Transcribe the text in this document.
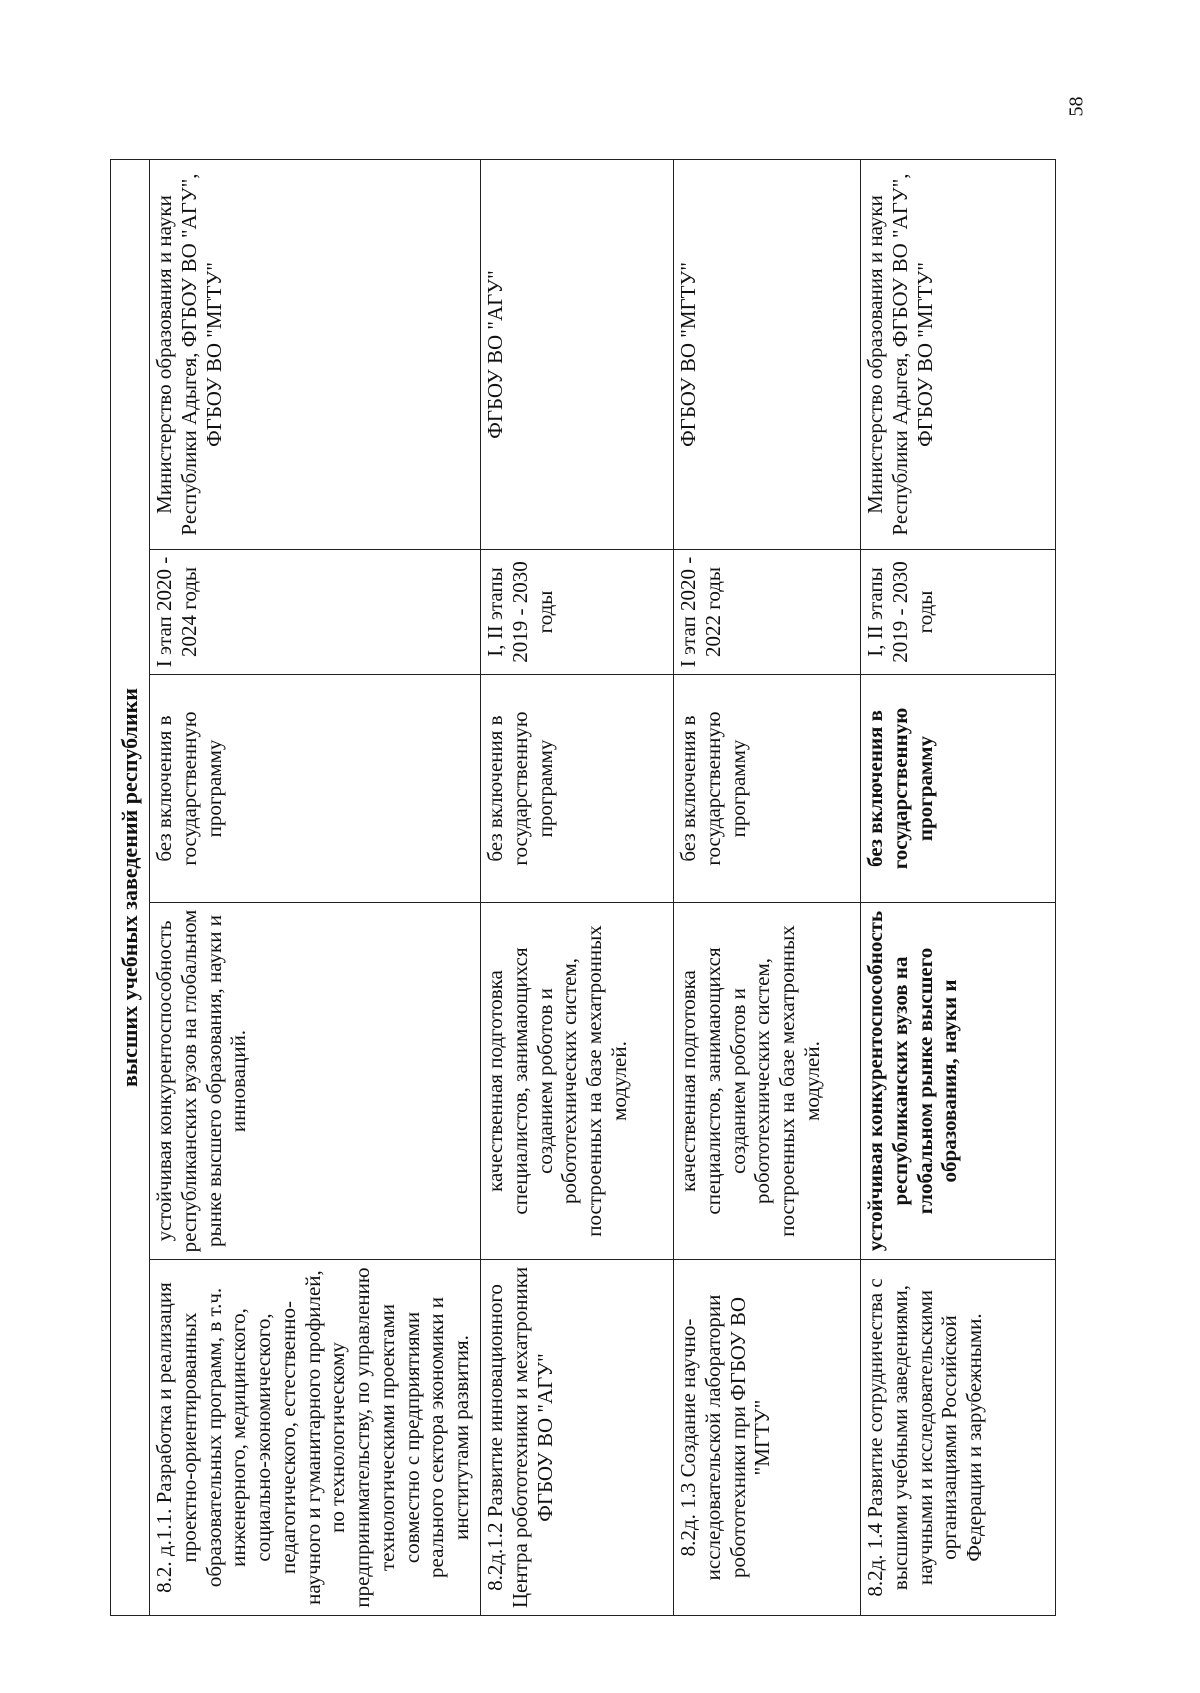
58
высших учебных заведений республики				
8.2. д.1.1. Разработка и реализация проектно-ориентированных образовательных программ, в т.ч. инженерного, медицинского, социально-экономического, педагогического, естественно-научного и гуманитарного профилей, по технологическому предпринимательству, по управлению технологическими проектами совместно с предприятиями реального сектора экономики и институтами развития.	устойчивая конкурентоспособность республиканских вузов на глобальном рынке высшего образования, науки и инноваций.	без включения в государственную программу	I этап 2020 - 2024 годы	Министерство образования и науки Республики Адыгея, ФГБОУ ВО "АГУ", ФГБОУ ВО "МГТУ"
8.2д.1.2 Развитие инновационного Центра робототехники и мехатроники ФГБОУ ВО "АГУ"	качественная подготовка специалистов, занимающихся созданием роботов и робототехнических систем, построенных на базе мехатронных модулей.	без включения в государственную программу	I, II этапы 2019 - 2030 годы	ФГБОУ ВО "АГУ"
8.2д. 1.3 Создание научно-исследовательской лаборатории робототехники при ФГБОУ ВО "МГТУ"	качественная подготовка специалистов, занимающихся созданием роботов и робототехнических систем, построенных на базе мехатронных модулей.	без включения в государственную программу	I этап 2020 - 2022 годы	ФГБОУ ВО "МГТУ"
8.2д. 1.4 Развитие сотрудничества с высшими учебными заведениями, научными и исследовательскими организациями Российской Федерации и зарубежными.	устойчивая конкурентоспособность республиканских вузов на глобальном рынке высшего образования, науки и	без включения в государственную программу	I, II этапы 2019 - 2030 годы	Министерство образования и науки Республики Адыгея, ФГБОУ ВО "АГУ", ФГБОУ ВО "МГТУ"
